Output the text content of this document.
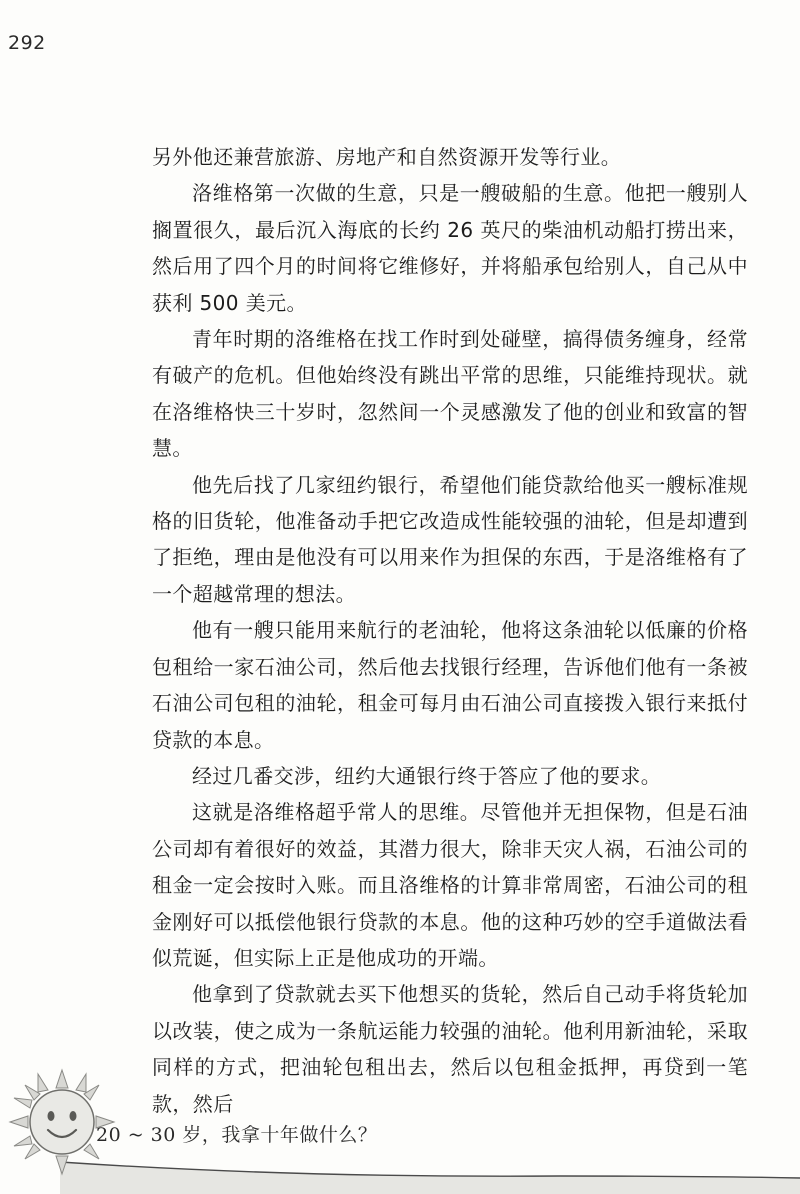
292

另外他还兼营旅游、房地产和自然资源开发等行业。

洛维格第一次做的生意，只是一艘破船的生意。他把一艘别人搁置很久，最后沉入海底的长约 26 英尺的柴油机动船打捞出来，然后用了四个月的时间将它维修好，并将船承包给别人，自己从中获利 500 美元。

青年时期的洛维格在找工作时到处碰壁，搞得债务缠身，经常有破产的危机。但他始终没有跳出平常的思维，只能维持现状。就在洛维格快三十岁时，忽然间一个灵感激发了他的创业和致富的智慧。

他先后找了几家纽约银行，希望他们能贷款给他买一艘标准规格的旧货轮，他准备动手把它改造成性能较强的油轮，但是却遭到了拒绝，理由是他没有可以用来作为担保的东西，于是洛维格有了一个超越常理的想法。

他有一艘只能用来航行的老油轮，他将这条油轮以低廉的价格包租给一家石油公司，然后他去找银行经理，告诉他们他有一条被石油公司包租的油轮，租金可每月由石油公司直接拨入银行来抵付贷款的本息。

经过几番交涉，纽约大通银行终于答应了他的要求。

这就是洛维格超乎常人的思维。尽管他并无担保物，但是石油公司却有着很好的效益，其潜力很大，除非天灾人祸，石油公司的租金一定会按时入账。而且洛维格的计算非常周密，石油公司的租金刚好可以抵偿他银行贷款的本息。他的这种巧妙的空手道做法看似荒诞，但实际上正是他成功的开端。

他拿到了贷款就去买下他想买的货轮，然后自己动手将货轮加以改装，使之成为一条航运能力较强的油轮。他利用新油轮，采取同样的方式，把油轮包租出去，然后以包租金抵押，再贷到一笔款，然后

20 ~ 30 岁，我拿十年做什么？
